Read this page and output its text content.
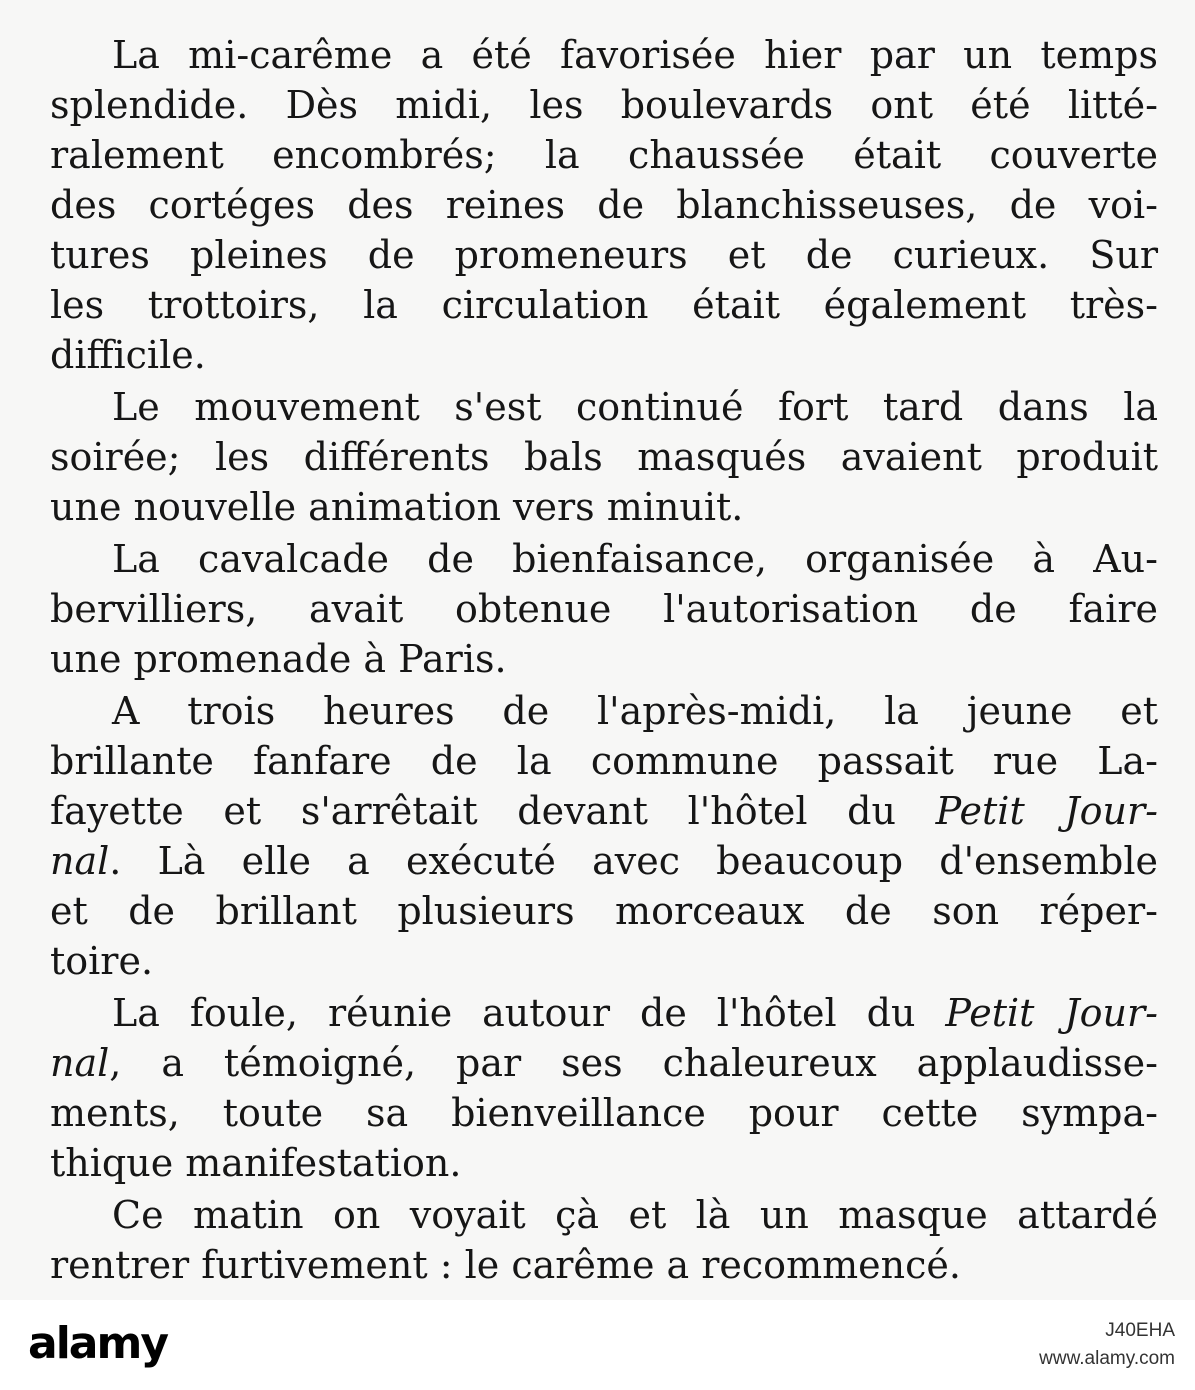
La mi-carême a été favorisée hier par un temps
splendide. Dès midi, les boulevards ont été litté-
ralement encombrés; la chaussée était couverte
des cortéges des reines de blanchisseuses, de voi-
tures pleines de promeneurs et de curieux. Sur
les trottoirs, la circulation était également très-
difficile.
Le mouvement s'est continué fort tard dans la
soirée; les différents bals masqués avaient produit
une nouvelle animation vers minuit.
La cavalcade de bienfaisance, organisée à Au-
bervilliers, avait obtenue l'autorisation de faire
une promenade à Paris.
A trois heures de l'après-midi, la jeune et
brillante fanfare de la commune passait rue La-
fayette et s'arrêtait devant l'hôtel du Petit Jour-
nal. Là elle a exécuté avec beaucoup d'ensemble
et de brillant plusieurs morceaux de son réper-
toire.
La foule, réunie autour de l'hôtel du Petit Jour-
nal, a témoigné, par ses chaleureux applaudisse-
ments, toute sa bienveillance pour cette sympa-
thique manifestation.
Ce matin on voyait çà et là un masque attardé
rentrer furtivement : le carême a recommencé.
alamy	J40EHA
www.alamy.com
